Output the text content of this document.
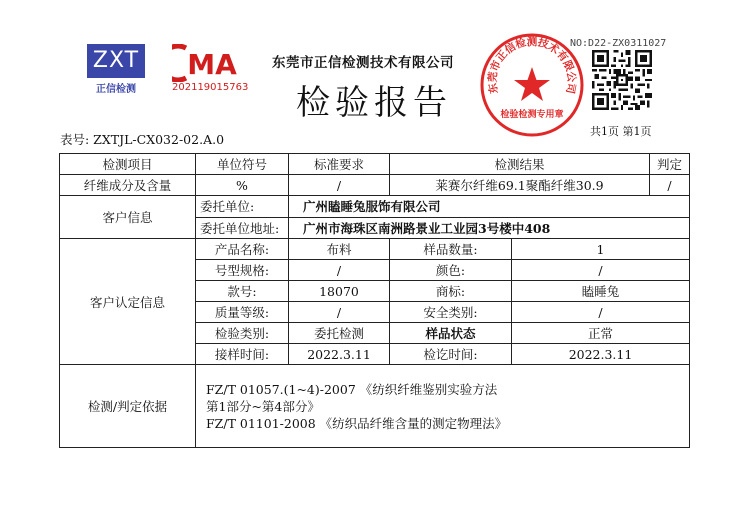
ZXT
正信检测
MA
202119015763
东莞市正信检测技术有限公司
检验报告	东莞市正信检测技术有限公司
检验检测专用章
NO:D22-ZX0311027
共1页 第1页
表号: ZXTJL-CX032-02.A.0
检测项目	单位符号	标准要求	检测结果		判定
纤维成分及含量	%	/	莱赛尔纤维69.1聚酯纤维30.9		/
客户信息	委托单位:	广州瞌睡兔服饰有限公司			
	委托单位地址:	广州市海珠区南洲路景业工业园3号楼中408			
客户认定信息	产品名称:	布料	样品数量:	1	
	号型规格:	/	颜色:	/	
	款号:	18070	商标:	瞌睡兔	
	质量等级:	/	安全类别:	/	
	检验类别:	委托检测	样品状态	正常	
	接样时间:	2022.3.11	检讫时间:	2022.3.11	
检测/判定依据	FZ/T 01057.(1~4)-2007 《纺织纤维鉴别实验方法
第1部分~第4部分》
FZ/T 01101-2008 《纺织品纤维含量的测定物理法》				
